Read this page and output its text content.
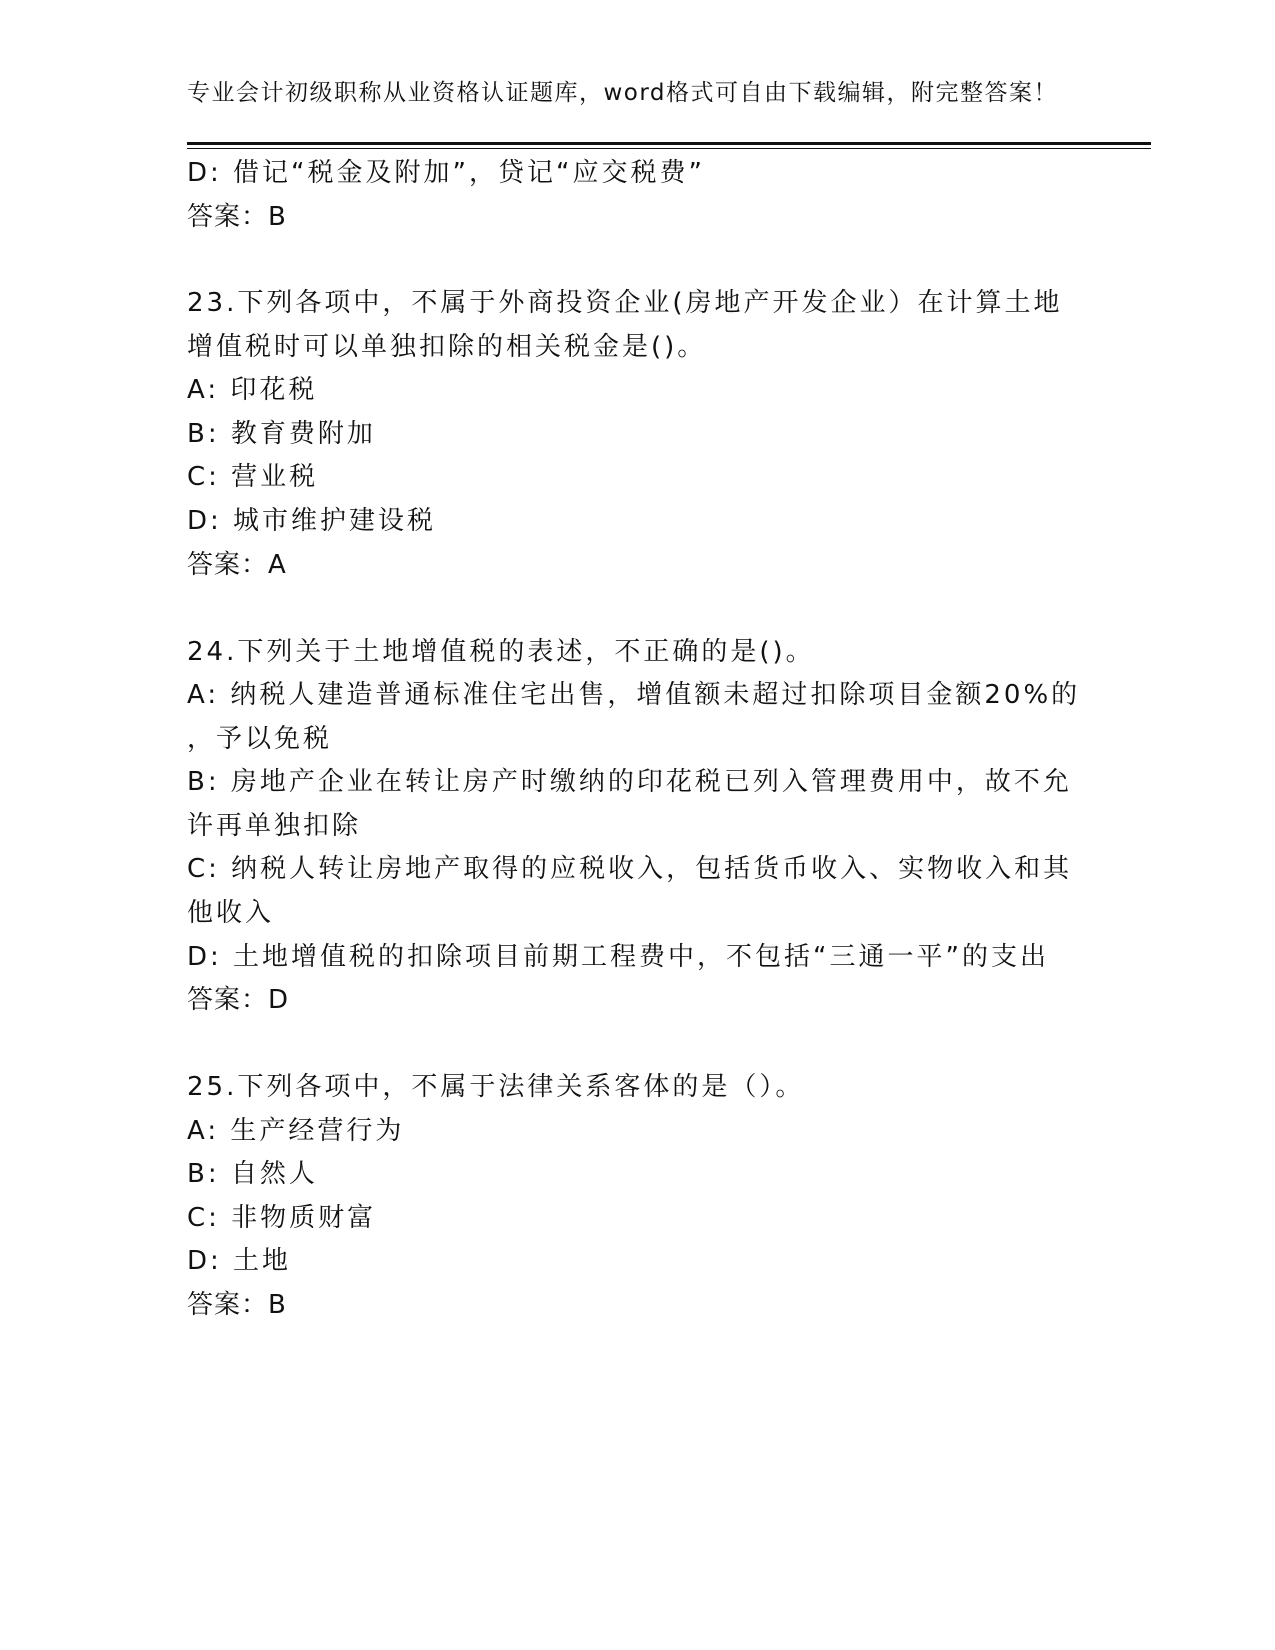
专业会计初级职称从业资格认证题库，word格式可自由下载编辑，附完整答案！
D: 借记“税金及附加”，贷记“应交税费”
答案：B
23.下列各项中，不属于外商投资企业(房地产开发企业）在计算土地
增值税时可以单独扣除的相关税金是()。
A: 印花税
B: 教育费附加
C: 营业税
D: 城市维护建设税
答案：A
24.下列关于土地增值税的表述，不正确的是()。
A: 纳税人建造普通标准住宅出售，增值额未超过扣除项目金额20%的
，予以免税
B: 房地产企业在转让房产时缴纳的印花税已列入管理费用中，故不允
许再单独扣除
C: 纳税人转让房地产取得的应税收入，包括货币收入、实物收入和其
他收入
D: 土地增值税的扣除项目前期工程费中，不包括“三通一平”的支出
答案：D
25.下列各项中，不属于法律关系客体的是（）。
A: 生产经营行为
B: 自然人
C: 非物质财富
D: 土地
答案：B
